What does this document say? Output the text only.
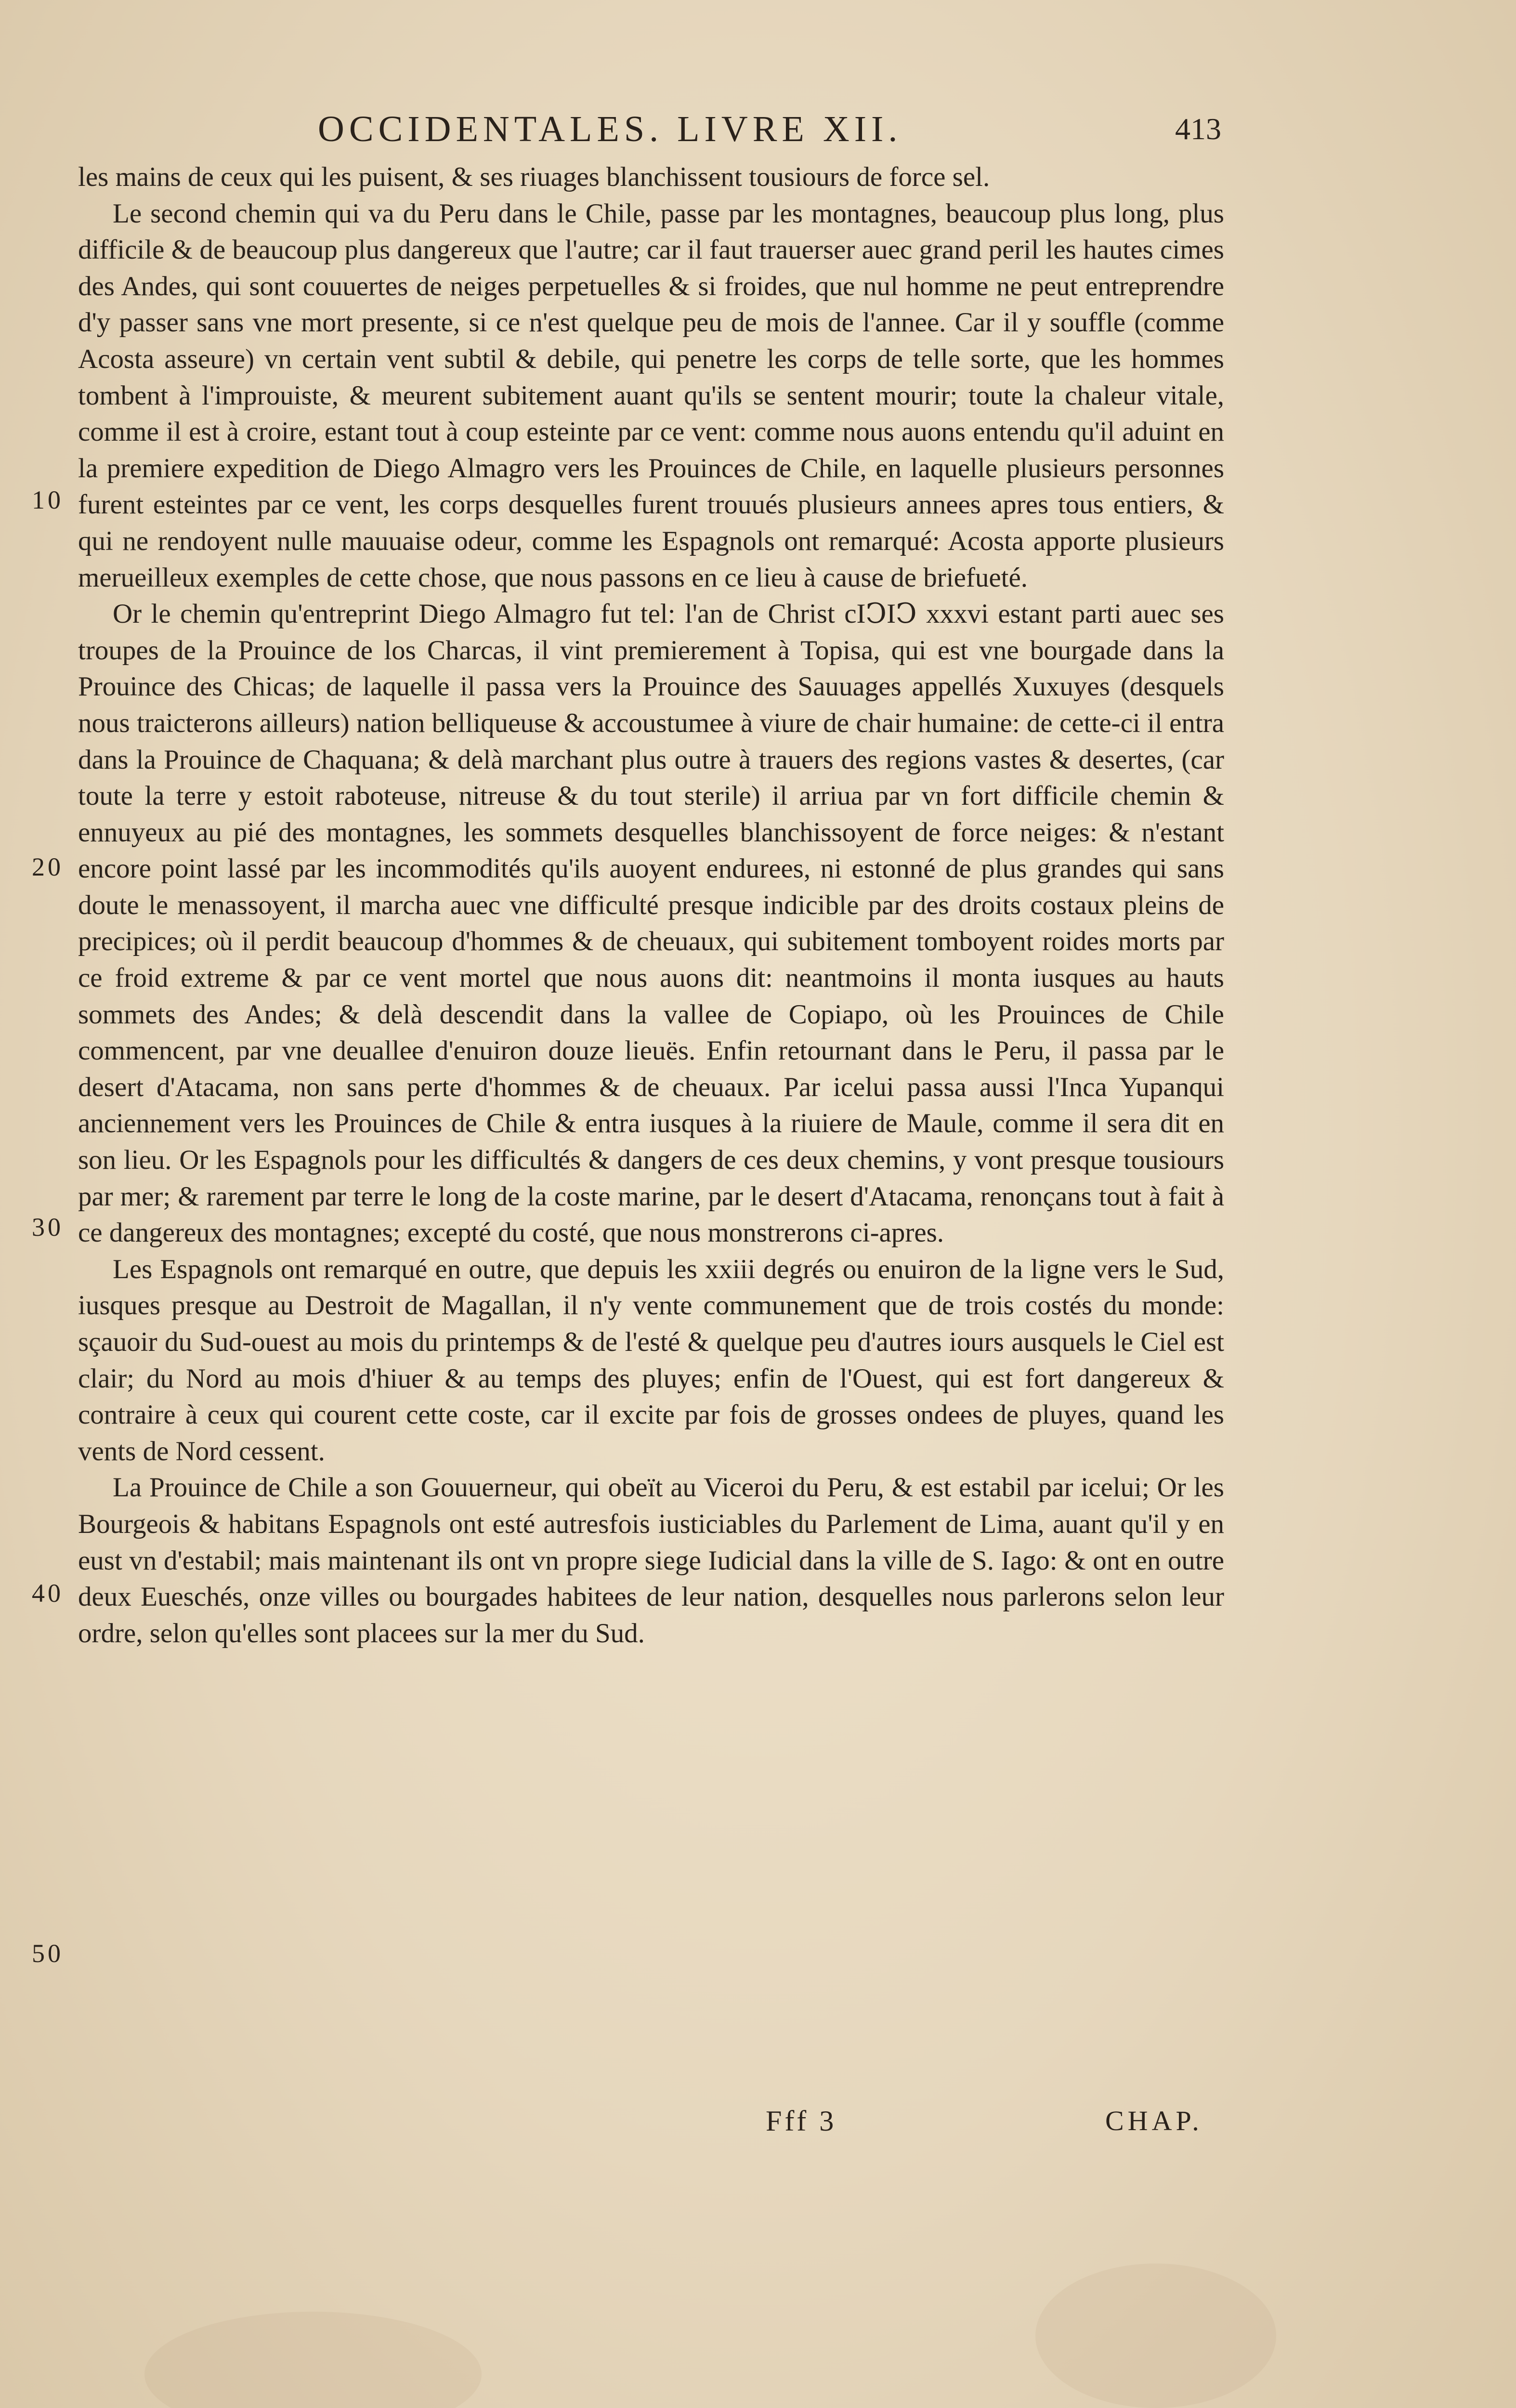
OCCIDENTALES. LIVRE XII.	413

les mains de ceux qui les puisent, & ses riuages blanchissent tousiours de force sel.

Le second chemin qui va du Peru dans le Chile, passe par les montagnes, beaucoup plus long, plus difficile & de beaucoup plus dangereux que l'autre; car il faut trauerser auec grand peril les hautes cimes des Andes, qui sont couuertes de neiges perpetuelles & si froides, que nul homme ne peut entreprendre d'y passer sans vne mort presente, si ce n'est quelque peu de mois de l'annee. Car il y souffle (comme Acosta asseure) vn certain vent subtil & debile, qui penetre les corps de telle sorte, que les hommes tombent à l'improuiste, & meurent subitement auant qu'ils se sentent mourir; toute la chaleur vitale, comme il est à croire, estant tout à coup esteinte par ce vent: comme nous auons entendu qu'il aduint en la premiere expedition de Diego Almagro vers les Prouinces de Chile, en laquelle plusieurs personnes furent esteintes par ce vent, les corps desquelles furent trouués plusieurs annees apres tous entiers, & qui ne rendoyent nulle mauuaise odeur, comme les Espagnols ont remarqué: Acosta apporte plusieurs merueilleux exemples de cette chose, que nous passons en ce lieu à cause de briefueté.

Or le chemin qu'entreprint Diego Almagro fut tel: l'an de Christ cIↃIↃ xxxvi estant parti auec ses troupes de la Prouince de los Charcas, il vint premierement à Topisa, qui est vne bourgade dans la Prouince des Chicas; de laquelle il passa vers la Prouince des Sauuages appellés Xuxuyes (desquels nous traicterons ailleurs) nation belliqueuse & accoustumee à viure de chair humaine: de cette-ci il entra dans la Prouince de Chaquana; & delà marchant plus outre à trauers des regions vastes & desertes, (car toute la terre y estoit raboteuse, nitreuse & du tout sterile) il arriua par vn fort difficile chemin & ennuyeux au pié des montagnes, les sommets desquelles blanchissoyent de force neiges: & n'estant encore point lassé par les incommodités qu'ils auoyent endurees, ni estonné de plus grandes qui sans doute le menassoyent, il marcha auec vne difficulté presque indicible par des droits costaux pleins de precipices; où il perdit beaucoup d'hommes & de cheuaux, qui subitement tomboyent roides morts par ce froid extreme & par ce vent mortel que nous auons dit: neantmoins il monta iusques au hauts sommets des Andes; & delà descendit dans la vallee de Copiapo, où les Prouinces de Chile commencent, par vne deuallee d'enuiron douze lieuës. Enfin retournant dans le Peru, il passa par le desert d'Atacama, non sans perte d'hommes & de cheuaux. Par icelui passa aussi l'Inca Yupanqui anciennement vers les Prouinces de Chile & entra iusques à la riuiere de Maule, comme il sera dit en son lieu. Or les Espagnols pour les difficultés & dangers de ces deux chemins, y vont presque tousiours par mer; & rarement par terre le long de la coste marine, par le desert d'Atacama, renonçans tout à fait à ce dangereux des montagnes; excepté du costé, que nous monstrerons ci-apres.

Les Espagnols ont remarqué en outre, que depuis les xxiii degrés ou enuiron de la ligne vers le Sud, iusques presque au Destroit de Magallan, il n'y vente communement que de trois costés du monde: sçauoir du Sud-ouest au mois du printemps & de l'esté & quelque peu d'autres iours ausquels le Ciel est clair; du Nord au mois d'hiuer & au temps des pluyes; enfin de l'Ouest, qui est fort dangereux & contraire à ceux qui courent cette coste, car il excite par fois de grosses ondees de pluyes, quand les vents de Nord cessent.

La Prouince de Chile a son Gouuerneur, qui obeït au Viceroi du Peru, & est estabil par icelui; Or les Bourgeois & habitans Espagnols ont esté autresfois iusticiables du Parlement de Lima, auant qu'il y en eust vn d'estabil; mais maintenant ils ont vn propre siege Iudicial dans la ville de S. Iago: & ont en outre deux Eueschés, onze villes ou bourgades habitees de leur nation, desquelles nous parlerons selon leur ordre, selon qu'elles sont placees sur la mer du Sud.

10
20
30
40
50
Fff 3	CHAP.
